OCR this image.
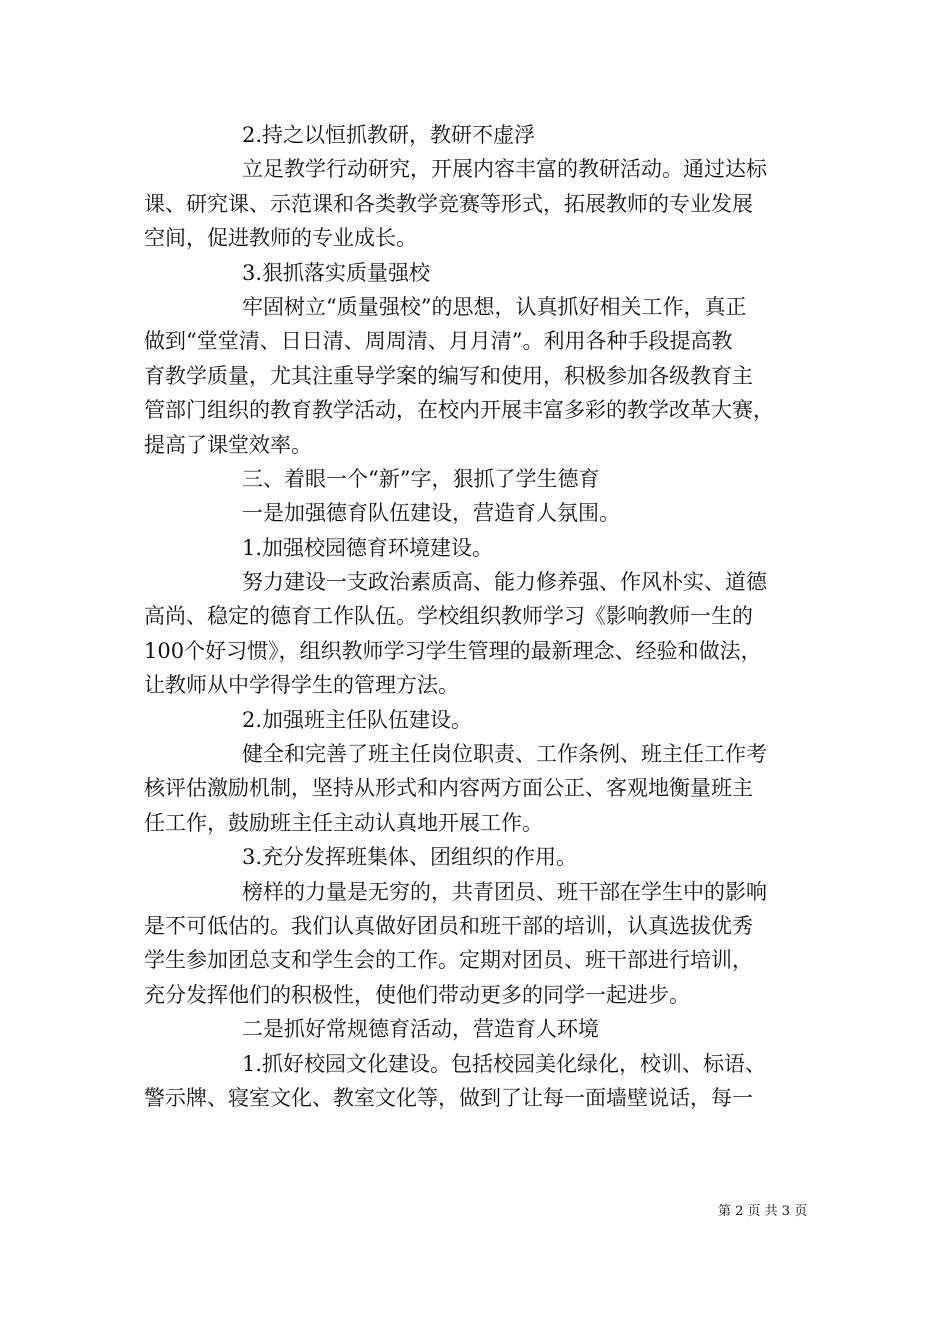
2.持之以恒抓教研，教研不虚浮

立足教学行动研究，开展内容丰富的教研活动。通过达标

课、研究课、示范课和各类教学竞赛等形式，拓展教师的专业发展

空间，促进教师的专业成长。

3.狠抓落实质量强校

牢固树立“质量强校”的思想，认真抓好相关工作，真正

做到“堂堂清、日日清、周周清、月月清”。利用各种手段提高教

育教学质量，尤其注重导学案的编写和使用，积极参加各级教育主

管部门组织的教育教学活动，在校内开展丰富多彩的教学改革大赛，

提高了课堂效率。

三、着眼一个“新”字，狠抓了学生德育

一是加强德育队伍建设，营造育人氛围。

1.加强校园德育环境建设。

努力建设一支政治素质高、能力修养强、作风朴实、道德

高尚、稳定的德育工作队伍。学校组织教师学习《影响教师一生的

100个好习惯》，组织教师学习学生管理的最新理念、经验和做法，

让教师从中学得学生的管理方法。

2.加强班主任队伍建设。

健全和完善了班主任岗位职责、工作条例、班主任工作考

核评估激励机制，坚持从形式和内容两方面公正、客观地衡量班主

任工作，鼓励班主任主动认真地开展工作。

3.充分发挥班集体、团组织的作用。

榜样的力量是无穷的，共青团员、班干部在学生中的影响

是不可低估的。我们认真做好团员和班干部的培训，认真选拔优秀

学生参加团总支和学生会的工作。定期对团员、班干部进行培训，

充分发挥他们的积极性，使他们带动更多的同学一起进步。

二是抓好常规德育活动，营造育人环境

1.抓好校园文化建设。包括校园美化绿化，校训、标语、

警示牌、寝室文化、教室文化等，做到了让每一面墙壁说话，每一

第 2 页 共 3 页
